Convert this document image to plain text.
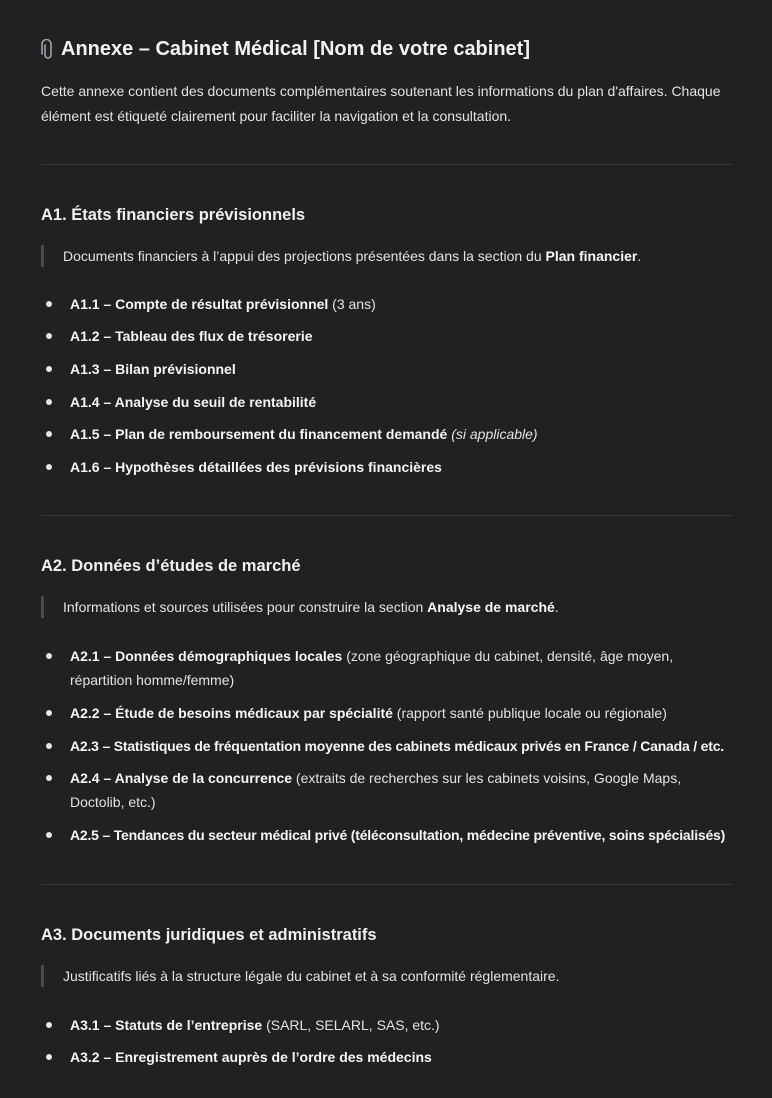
Annexe – Cabinet Médical [Nom de votre cabinet]

Cette annexe contient des documents complémentaires soutenant les informations du plan d'affaires. Chaque élément est étiqueté clairement pour faciliter la navigation et la consultation.

A1. États financiers prévisionnels
Documents financiers à l’appui des projections présentées dans la section du Plan financier.
A1.1 – Compte de résultat prévisionnel (3 ans)
A1.2 – Tableau des flux de trésorerie
A1.3 – Bilan prévisionnel
A1.4 – Analyse du seuil de rentabilité
A1.5 – Plan de remboursement du financement demandé (si applicable)
A1.6 – Hypothèses détaillées des prévisions financières
A2. Données d’études de marché
Informations et sources utilisées pour construire la section Analyse de marché.
A2.1 – Données démographiques locales (zone géographique du cabinet, densité, âge moyen, répartition homme/femme)
A2.2 – Étude de besoins médicaux par spécialité (rapport santé publique locale ou régionale)
A2.3 – Statistiques de fréquentation moyenne des cabinets médicaux privés en France / Canada / etc.
A2.4 – Analyse de la concurrence (extraits de recherches sur les cabinets voisins, Google Maps, Doctolib, etc.)
A2.5 – Tendances du secteur médical privé (téléconsultation, médecine préventive, soins spécialisés)
A3. Documents juridiques et administratifs
Justificatifs liés à la structure légale du cabinet et à sa conformité réglementaire.
A3.1 – Statuts de l’entreprise (SARL, SELARL, SAS, etc.)
A3.2 – Enregistrement auprès de l’ordre des médecins
